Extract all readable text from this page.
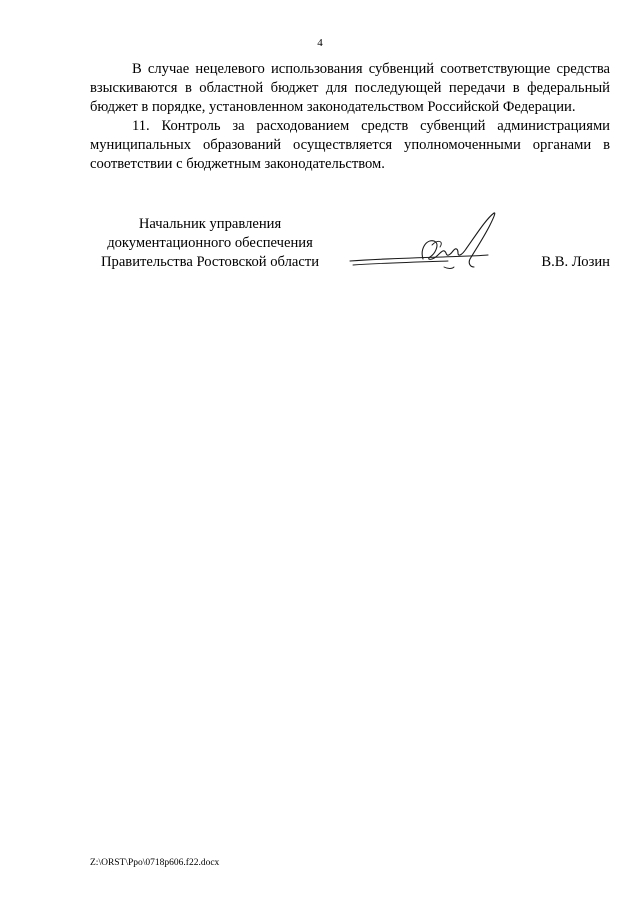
4

В случае нецелевого использования субвенций соответствующие средства взыскиваются в областной бюджет для последующей передачи в федеральный бюджет в порядке, установленном законодательством Российской Федерации.

11. Контроль за расходованием средств субвенций администрациями муниципальных образований осуществляется уполномоченными органами в соответствии с бюджетным законодательством.

Начальник управления
документационного обеспечения
Правительства Ростовской области	В.В. Лозин
Z:\ORST\Ppo\0718p606.f22.docx
